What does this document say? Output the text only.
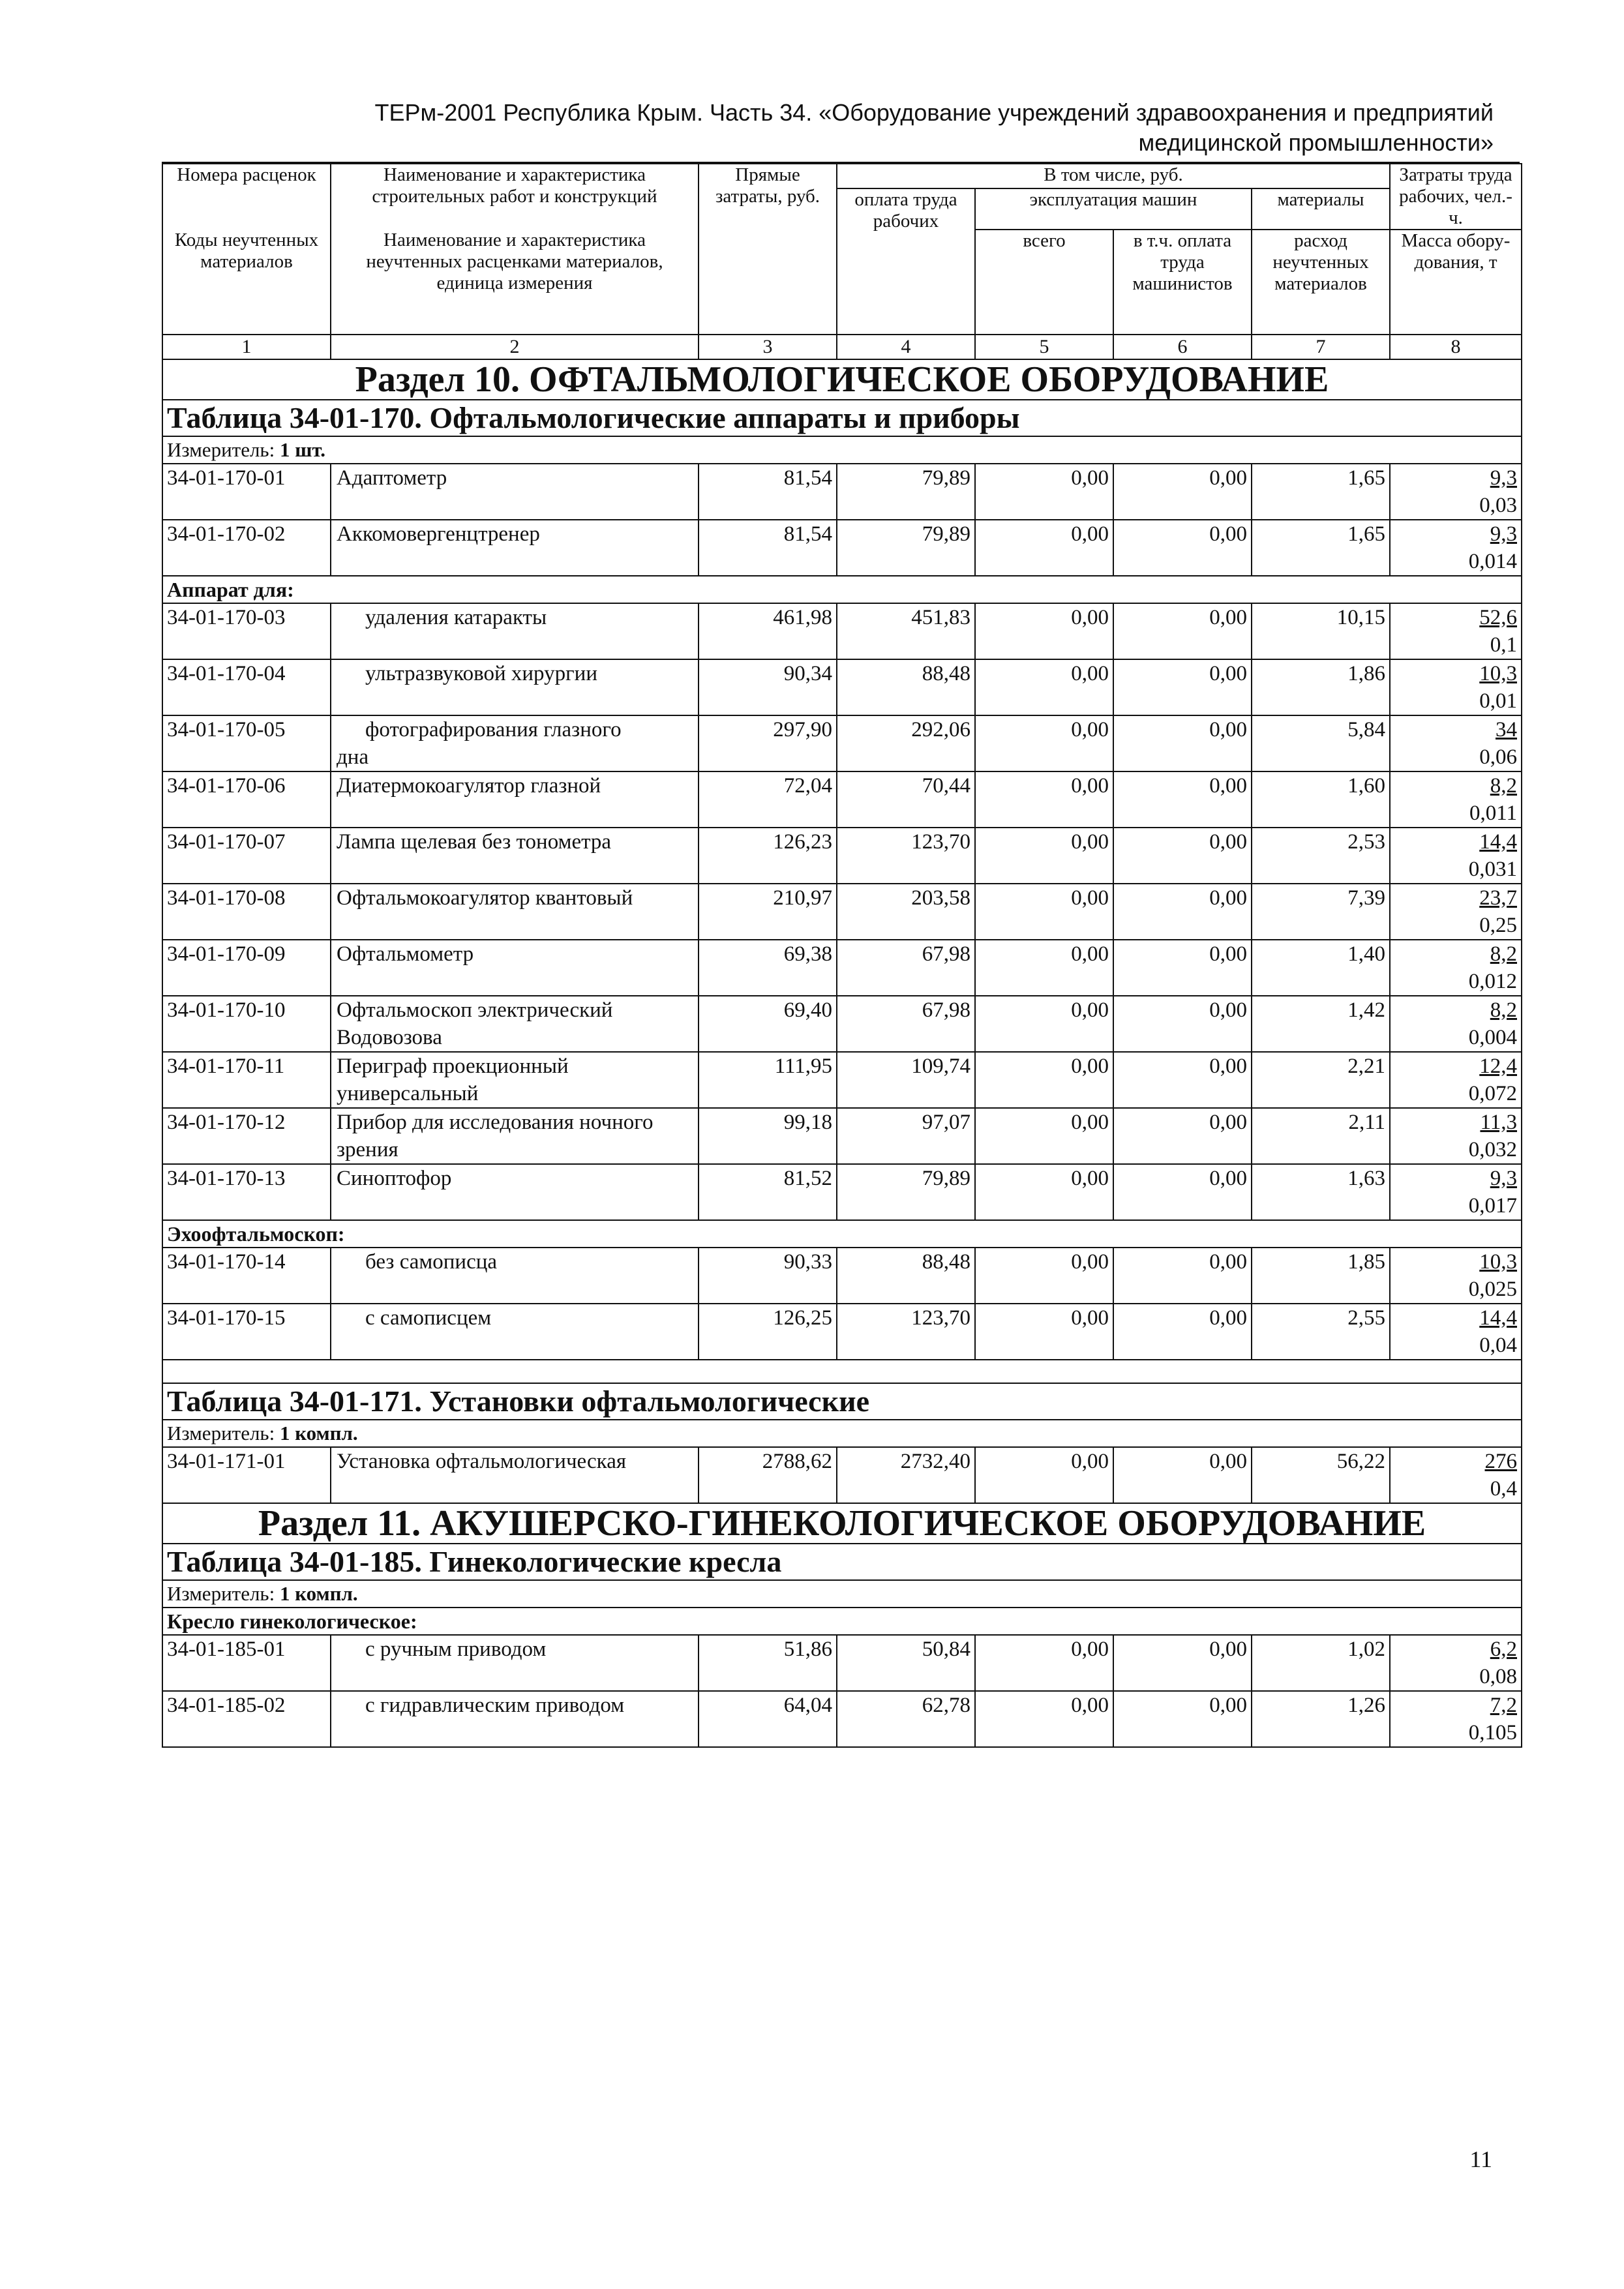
ТЕРм-2001 Республика Крым. Часть 34. «Оборудование учреждений здравоохранения и предприятий
медицинской промышленности»
Номера расценок	Наименование и характеристика строительных работ и конструкций	Прямые затраты, руб.	В том числе, руб.				Затраты труда рабочих, чел.-ч.
			оплата труда рабочих	эксплуатация машин		материалы	
Коды неучтенных материалов	Наименование и характеристика неучтенных расценками материалов, единица измерения			всего	в т.ч. оплата труда машинистов	расход неучтенных материалов	
							Масса обору-дования, т
1	2	3	4	5	6	7	8
Раздел 10. ОФТАЛЬМОЛОГИЧЕСКОЕ ОБОРУДОВАНИЕ							
Таблица 34-01-170. Офтальмологические аппараты и приборы							
Измеритель: 1 шт.							
34-01-170-01	Адаптометр	81,54	79,89	0,00	0,00	1,65	9,3
0,03

34-01-170-02	Аккомовергенцтренер	81,54	79,89	0,00	0,00	1,65	9,3
0,014

Аппарат для:							
34-01-170-03	удаления катаракты	461,98	451,83	0,00	0,00	10,15	52,6
0,1

34-01-170-04	ультразвуковой хирургии	90,34	88,48	0,00	0,00	1,86	10,3
0,01

34-01-170-05	фотографирования глазного
дна	297,90	292,06	0,00	0,00	5,84	34
0,06

34-01-170-06	Диатермокоагулятор глазной	72,04	70,44	0,00	0,00	1,60	8,2
0,011

34-01-170-07	Лампа щелевая без тонометра	126,23	123,70	0,00	0,00	2,53	14,4
0,031

34-01-170-08	Офтальмокоагулятор квантовый	210,97	203,58	0,00	0,00	7,39	23,7
0,25

34-01-170-09	Офтальмометр	69,38	67,98	0,00	0,00	1,40	8,2
0,012

34-01-170-10	Офтальмоскоп электрический Водовозова	69,40	67,98	0,00	0,00	1,42	8,2
0,004

34-01-170-11	Периграф проекционный универсальный	111,95	109,74	0,00	0,00	2,21	12,4
0,072

34-01-170-12	Прибор для исследования ночного зрения	99,18	97,07	0,00	0,00	2,11	11,3
0,032

34-01-170-13	Синоптофор	81,52	79,89	0,00	0,00	1,63	9,3
0,017

Эхоофтальмоскоп:							
34-01-170-14	без самописца	90,33	88,48	0,00	0,00	1,85	10,3
0,025

34-01-170-15	с самописцем	126,25	123,70	0,00	0,00	2,55	14,4
0,04

Таблица 34-01-171. Установки офтальмологические							
Измеритель: 1 компл.							
34-01-171-01	Установка офтальмологическая	2788,62	2732,40	0,00	0,00	56,22	276
0,4

Раздел 11. АКУШЕРСКО-ГИНЕКОЛОГИЧЕСКОЕ ОБОРУДОВАНИЕ							
Таблица 34-01-185. Гинекологические кресла							
Измеритель: 1 компл.							
Кресло гинекологическое:							
34-01-185-01	с ручным приводом	51,86	50,84	0,00	0,00	1,02	6,2
0,08

34-01-185-02	с гидравлическим приводом	64,04	62,78	0,00	0,00	1,26	7,2
0,105
11
